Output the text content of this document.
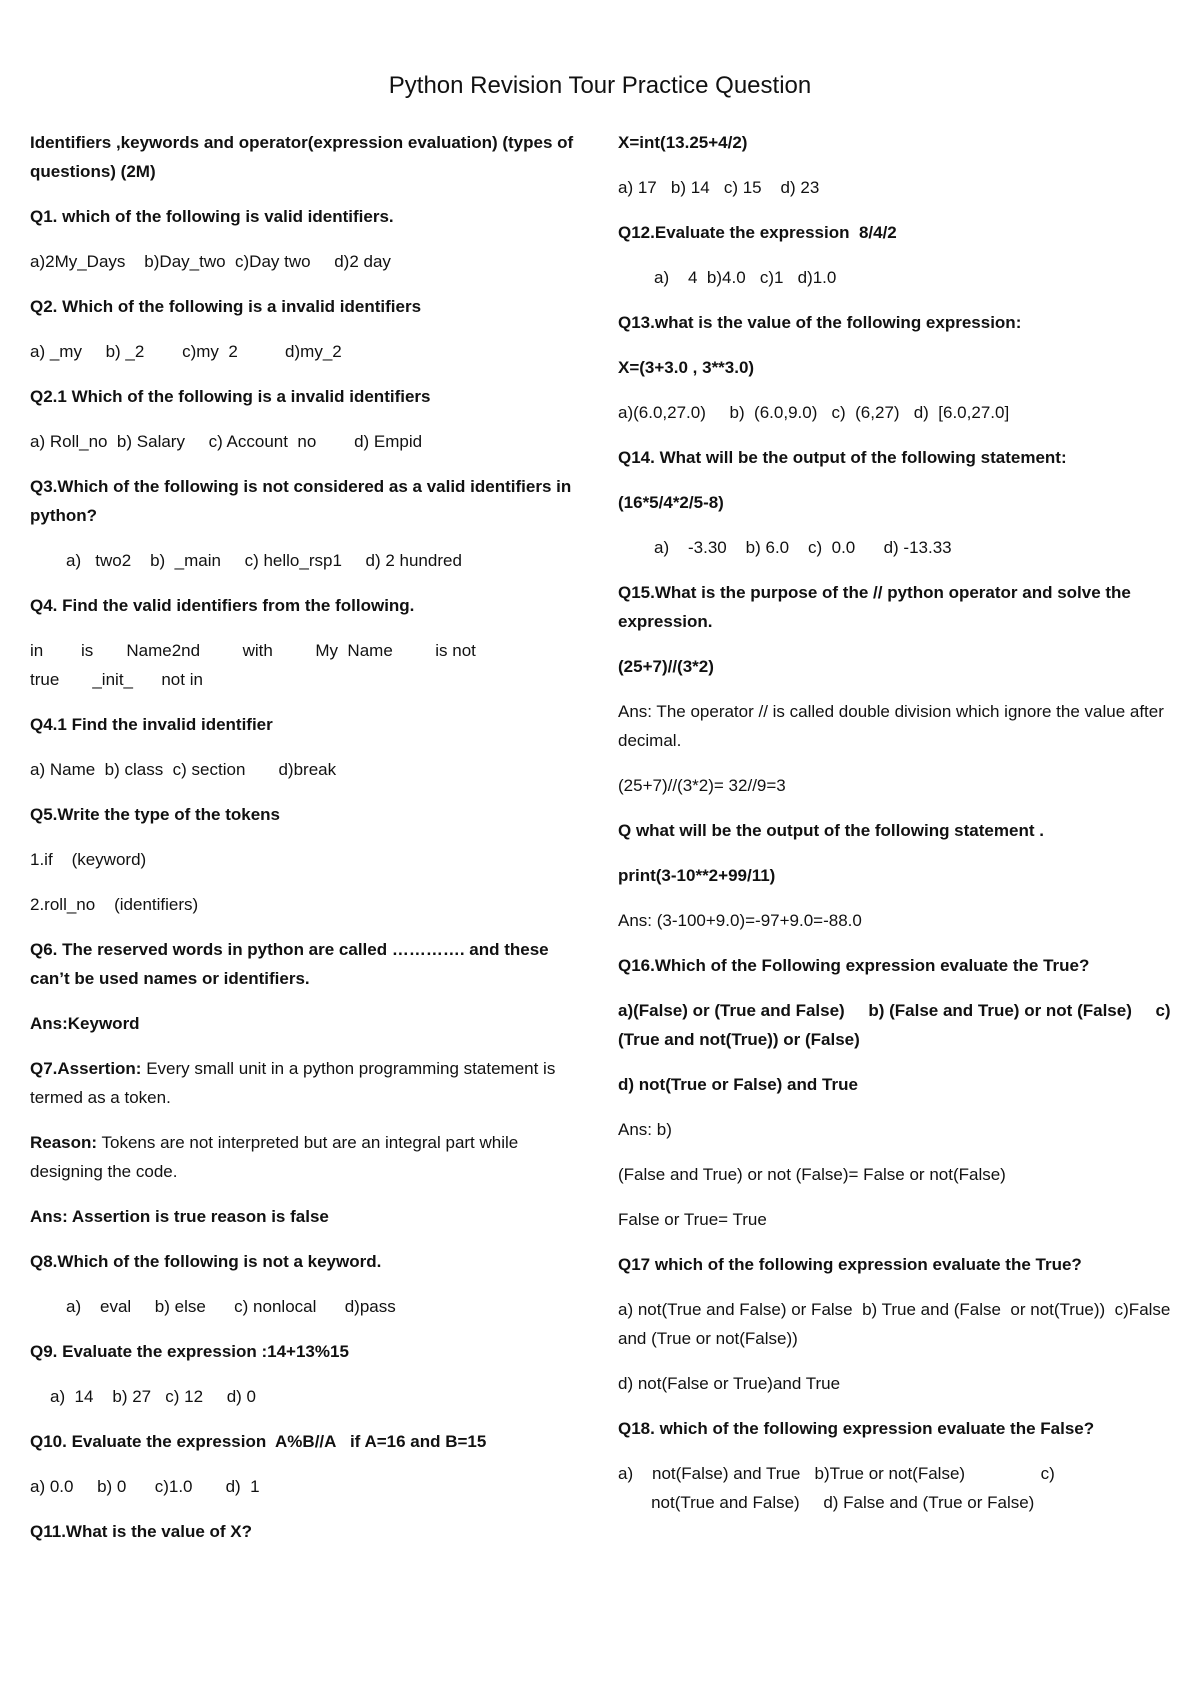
Python Revision Tour Practice Question

Identifiers ,keywords and operator(expression evaluation) (types of questions) (2M)

Q1. which of the following is valid identifiers.

a)2My_Days    b)Day_two  c)Day two     d)2 day

Q2. Which of the following is a invalid identifiers

a) _my     b) _2        c)my  2          d)my_2

Q2.1 Which of the following is a invalid identifiers

a) Roll_no  b) Salary     c) Account  no        d) Empid

Q3.Which of the following is not considered as a valid identifiers in python?

a)   two2    b)  _main     c) hello_rsp1     d) 2 hundred

Q4. Find the valid identifiers from the following.

in        is       Name2nd         with         My  Name         is not
true       _init_      not in

Q4.1 Find the invalid identifier

a) Name  b) class  c) section       d)break

Q5.Write the type of the tokens

1.if    (keyword)

2.roll_no    (identifiers)

Q6. The reserved words in python are called …………. and these can’t be used names or identifiers.

Ans:Keyword

Q7.Assertion: Every small unit in a python programming statement is termed as a token.

Reason: Tokens are not interpreted but are an integral part while designing the code.

Ans: Assertion is true reason is false

Q8.Which of the following is not a keyword.

a)    eval     b) else      c) nonlocal      d)pass

Q9. Evaluate the expression :14+13%15

a)  14    b) 27   c) 12     d) 0

Q10. Evaluate the expression  A%B//A   if A=16 and B=15

a) 0.0     b) 0      c)1.0       d)  1

Q11.What is the value of X?

X=int(13.25+4/2)

a) 17   b) 14   c) 15    d) 23

Q12.Evaluate the expression  8/4/2

a)    4  b)4.0   c)1   d)1.0

Q13.what is the value of the following expression:

X=(3+3.0 , 3**3.0)

a)(6.0,27.0)     b)  (6.0,9.0)   c)  (6,27)   d)  [6.0,27.0]

Q14. What will be the output of the following statement:

(16*5/4*2/5-8)

a)    -3.30    b) 6.0    c)  0.0      d) -13.33

Q15.What is the purpose of the // python operator and solve the expression.

(25+7)//(3*2)

Ans: The operator // is called double division which ignore the value after decimal.

(25+7)//(3*2)= 32//9=3

Q what will be the output of the following statement .

print(3-10**2+99/11)

Ans: (3-100+9.0)=-97+9.0=-88.0

Q16.Which of the Following expression evaluate the True?

a)(False) or (True and False)     b) (False and True) or not (False)     c)(True and not(True)) or (False)

d) not(True or False) and True

Ans: b)

(False and True) or not (False)= False or not(False)

False or True= True

Q17 which of the following expression evaluate the True?

a) not(True and False) or False  b) True and (False  or not(True))  c)False and (True or not(False))

d) not(False or True)and True

Q18. which of the following expression evaluate the False?

a)    not(False) and True   b)True or not(False)                c)
not(True and False)     d) False and (True or False)
